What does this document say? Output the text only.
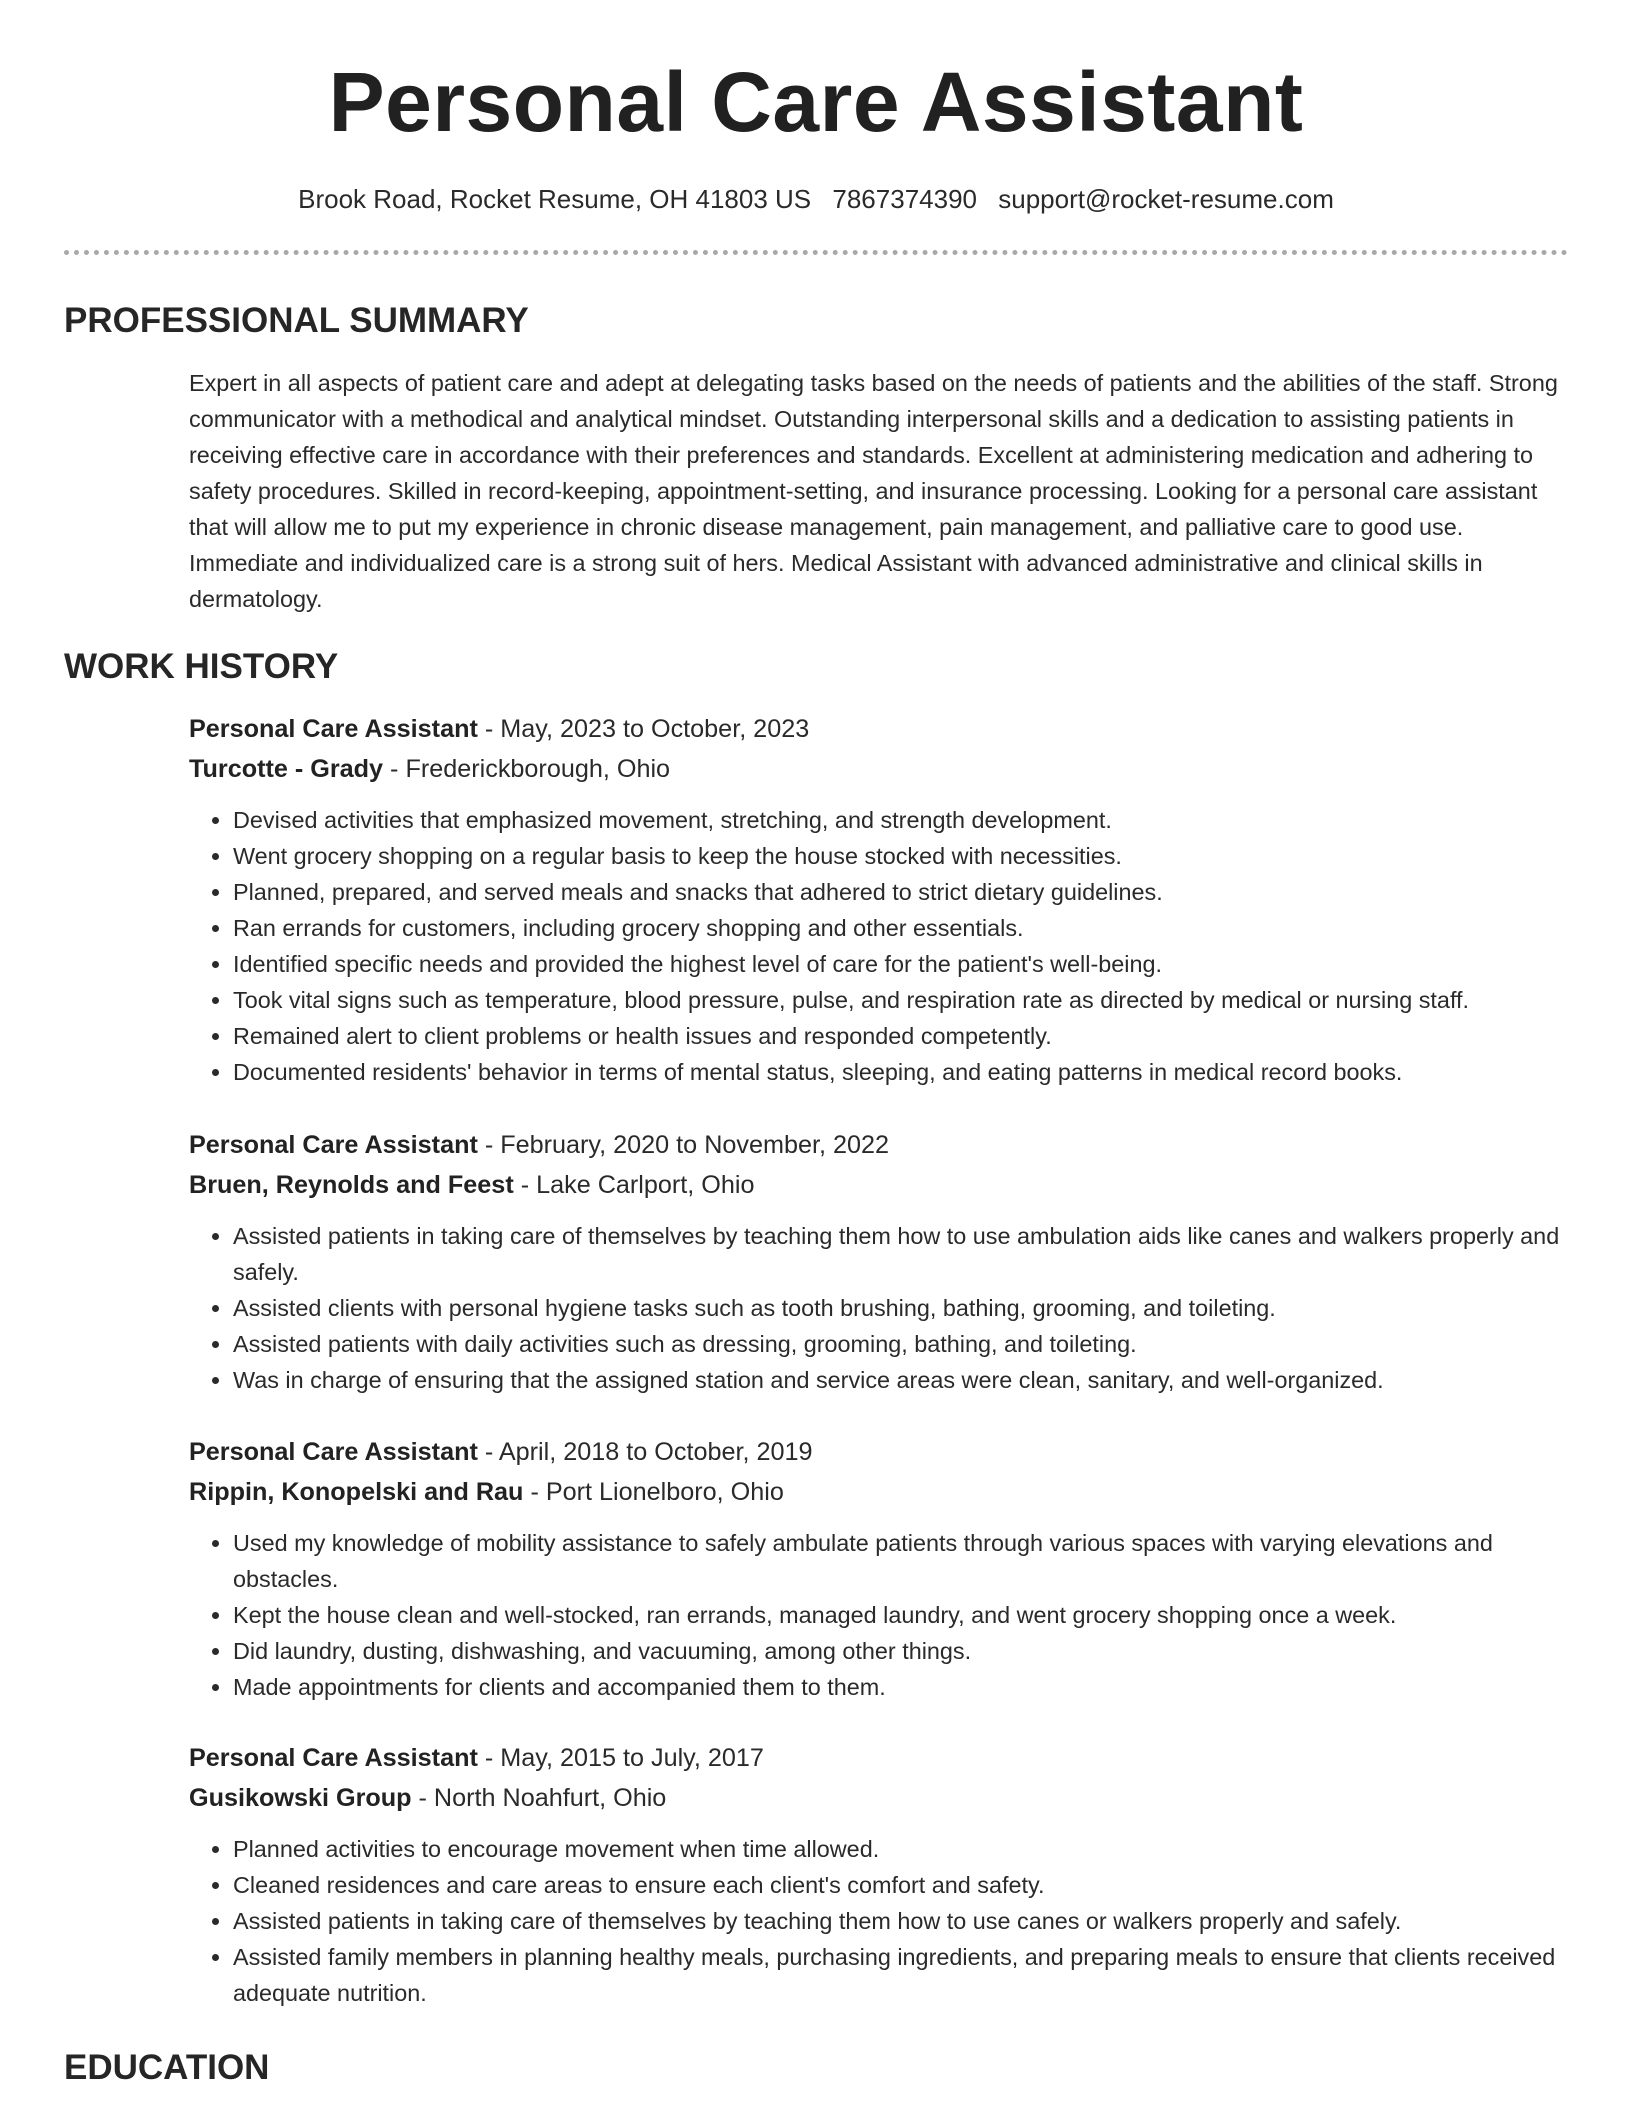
Personal Care Assistant
Brook Road, Rocket Resume, OH 41803 US 7867374390 support@rocket-resume.com
PROFESSIONAL SUMMARY

Expert in all aspects of patient care and adept at delegating tasks based on the needs of patients and the abilities of the staff. Strong communicator with a methodical and analytical mindset. Outstanding interpersonal skills and a dedication to assisting patients in receiving effective care in accordance with their preferences and standards. Excellent at administering medication and adhering to safety procedures. Skilled in record-keeping, appointment-setting, and insurance processing. Looking for a personal care assistant that will allow me to put my experience in chronic disease management, pain management, and palliative care to good use. Immediate and individualized care is a strong suit of hers. Medical Assistant with advanced administrative and clinical skills in dermatology.

WORK HISTORY
Personal Care Assistant - May, 2023 to October, 2023
Turcotte - Grady - Frederickborough, Ohio
• Devised activities that emphasized movement, stretching, and strength development.
• Went grocery shopping on a regular basis to keep the house stocked with necessities.
• Planned, prepared, and served meals and snacks that adhered to strict dietary guidelines.
• Ran errands for customers, including grocery shopping and other essentials.
• Identified specific needs and provided the highest level of care for the patient's well-being.
• Took vital signs such as temperature, blood pressure, pulse, and respiration rate as directed by medical or nursing staff.
• Remained alert to client problems or health issues and responded competently.
• Documented residents' behavior in terms of mental status, sleeping, and eating patterns in medical record books.
Personal Care Assistant - February, 2020 to November, 2022
Bruen, Reynolds and Feest - Lake Carlport, Ohio
• Assisted patients in taking care of themselves by teaching them how to use ambulation aids like canes and walkers properly and safely.
• Assisted clients with personal hygiene tasks such as tooth brushing, bathing, grooming, and toileting.
• Assisted patients with daily activities such as dressing, grooming, bathing, and toileting.
• Was in charge of ensuring that the assigned station and service areas were clean, sanitary, and well-organized.
Personal Care Assistant - April, 2018 to October, 2019
Rippin, Konopelski and Rau - Port Lionelboro, Ohio
• Used my knowledge of mobility assistance to safely ambulate patients through various spaces with varying elevations and obstacles.
• Kept the house clean and well-stocked, ran errands, managed laundry, and went grocery shopping once a week.
• Did laundry, dusting, dishwashing, and vacuuming, among other things.
• Made appointments for clients and accompanied them to them.
Personal Care Assistant - May, 2015 to July, 2017
Gusikowski Group - North Noahfurt, Ohio
• Planned activities to encourage movement when time allowed.
• Cleaned residences and care areas to ensure each client's comfort and safety.
• Assisted patients in taking care of themselves by teaching them how to use canes or walkers properly and safely.
• Assisted family members in planning healthy meals, purchasing ingredients, and preparing meals to ensure that clients received adequate nutrition.
EDUCATION
